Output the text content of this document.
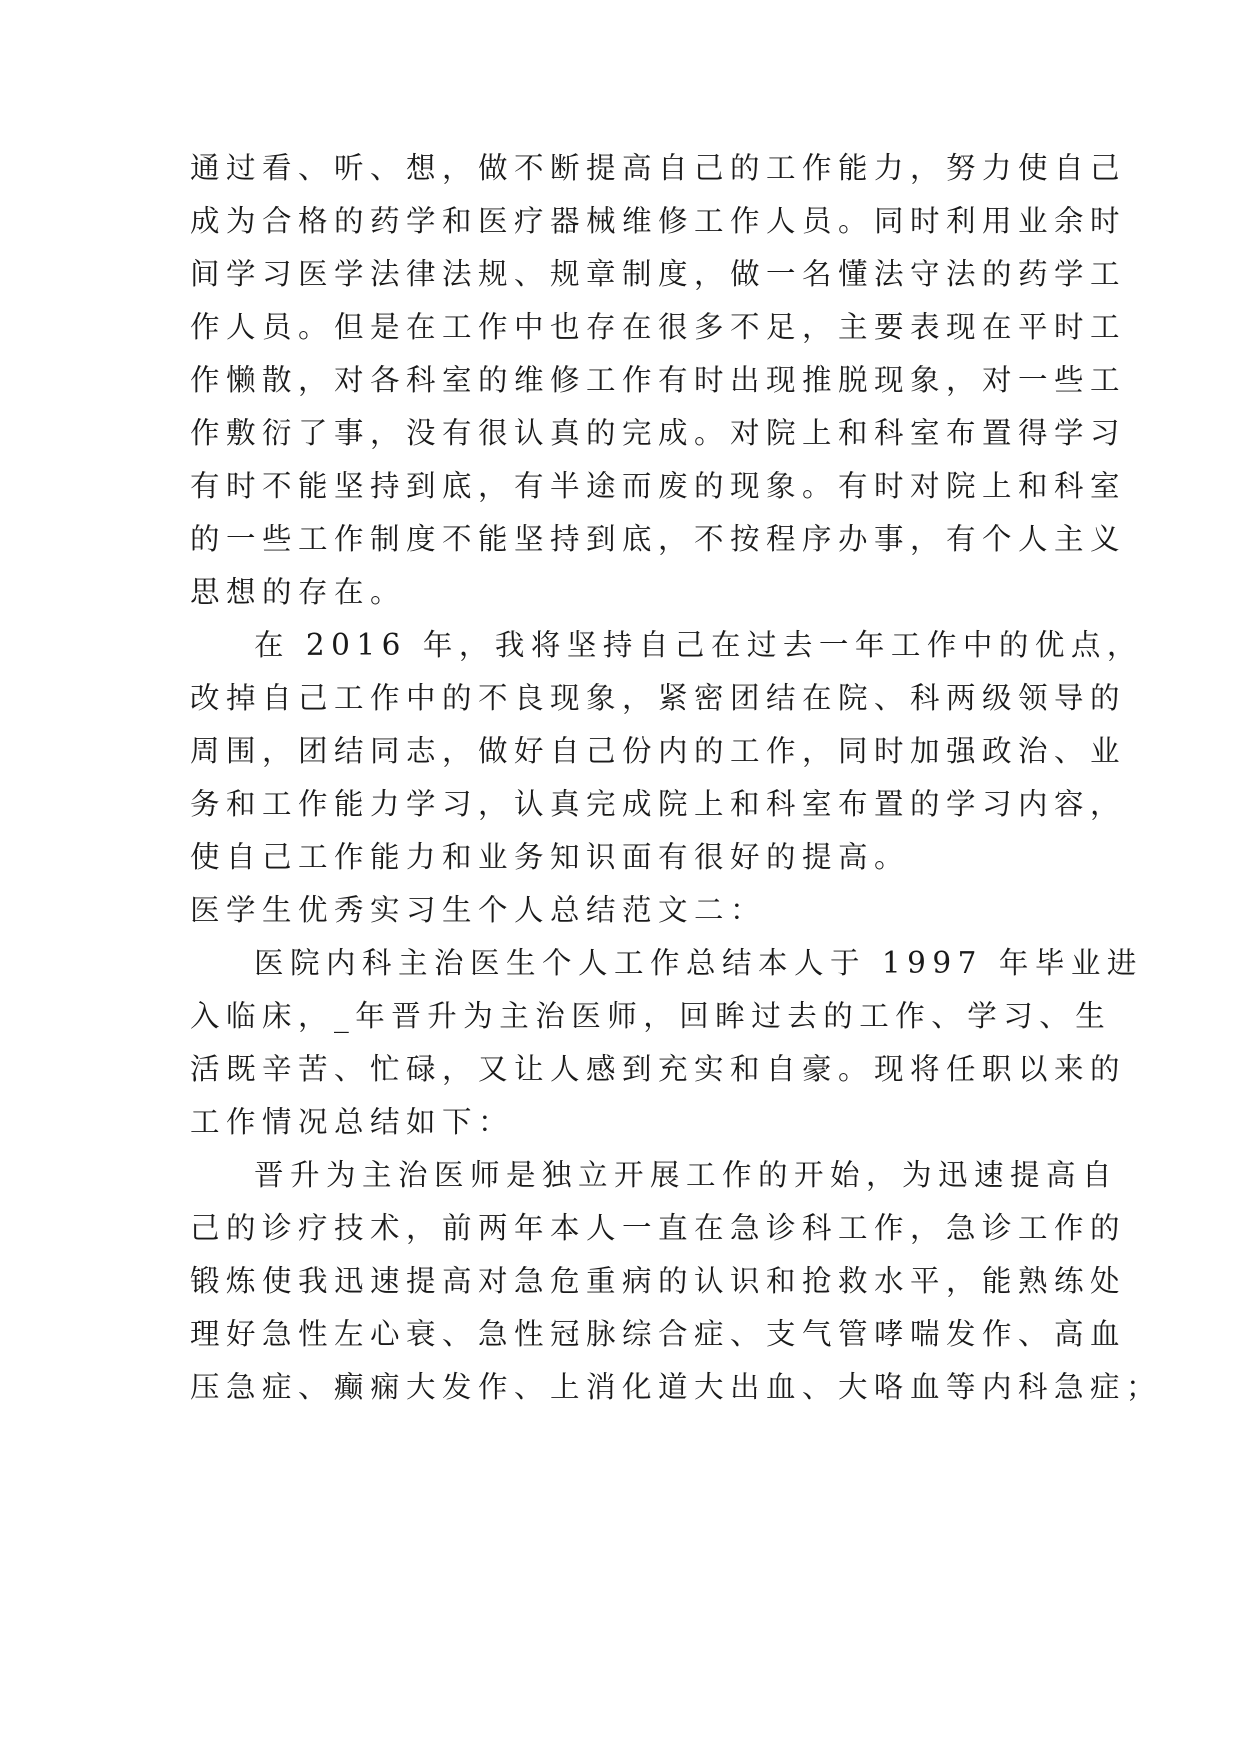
通过看、听、想，做不断提高自己的工作能力，努力使自己
成为合格的药学和医疗器械维修工作人员。同时利用业余时
间学习医学法律法规、规章制度，做一名懂法守法的药学工
作人员。但是在工作中也存在很多不足，主要表现在平时工
作懒散，对各科室的维修工作有时出现推脱现象，对一些工
作敷衍了事，没有很认真的完成。对院上和科室布置得学习
有时不能坚持到底，有半途而废的现象。有时对院上和科室
的一些工作制度不能坚持到底，不按程序办事，有个人主义
思想的存在。
在 2016 年，我将坚持自己在过去一年工作中的优点，
改掉自己工作中的不良现象，紧密团结在院、科两级领导的
周围，团结同志，做好自己份内的工作，同时加强政治、业
务和工作能力学习，认真完成院上和科室布置的学习内容，
使自己工作能力和业务知识面有很好的提高。
医学生优秀实习生个人总结范文二：
医院内科主治医生个人工作总结本人于 1997 年毕业进
入临床，_年晋升为主治医师，回眸过去的工作、学习、生
活既辛苦、忙碌，又让人感到充实和自豪。现将任职以来的
工作情况总结如下：
晋升为主治医师是独立开展工作的开始，为迅速提高自
己的诊疗技术，前两年本人一直在急诊科工作，急诊工作的
锻炼使我迅速提高对急危重病的认识和抢救水平，能熟练处
理好急性左心衰、急性冠脉综合症、支气管哮喘发作、高血
压急症、癫痫大发作、上消化道大出血、大咯血等内科急症；
